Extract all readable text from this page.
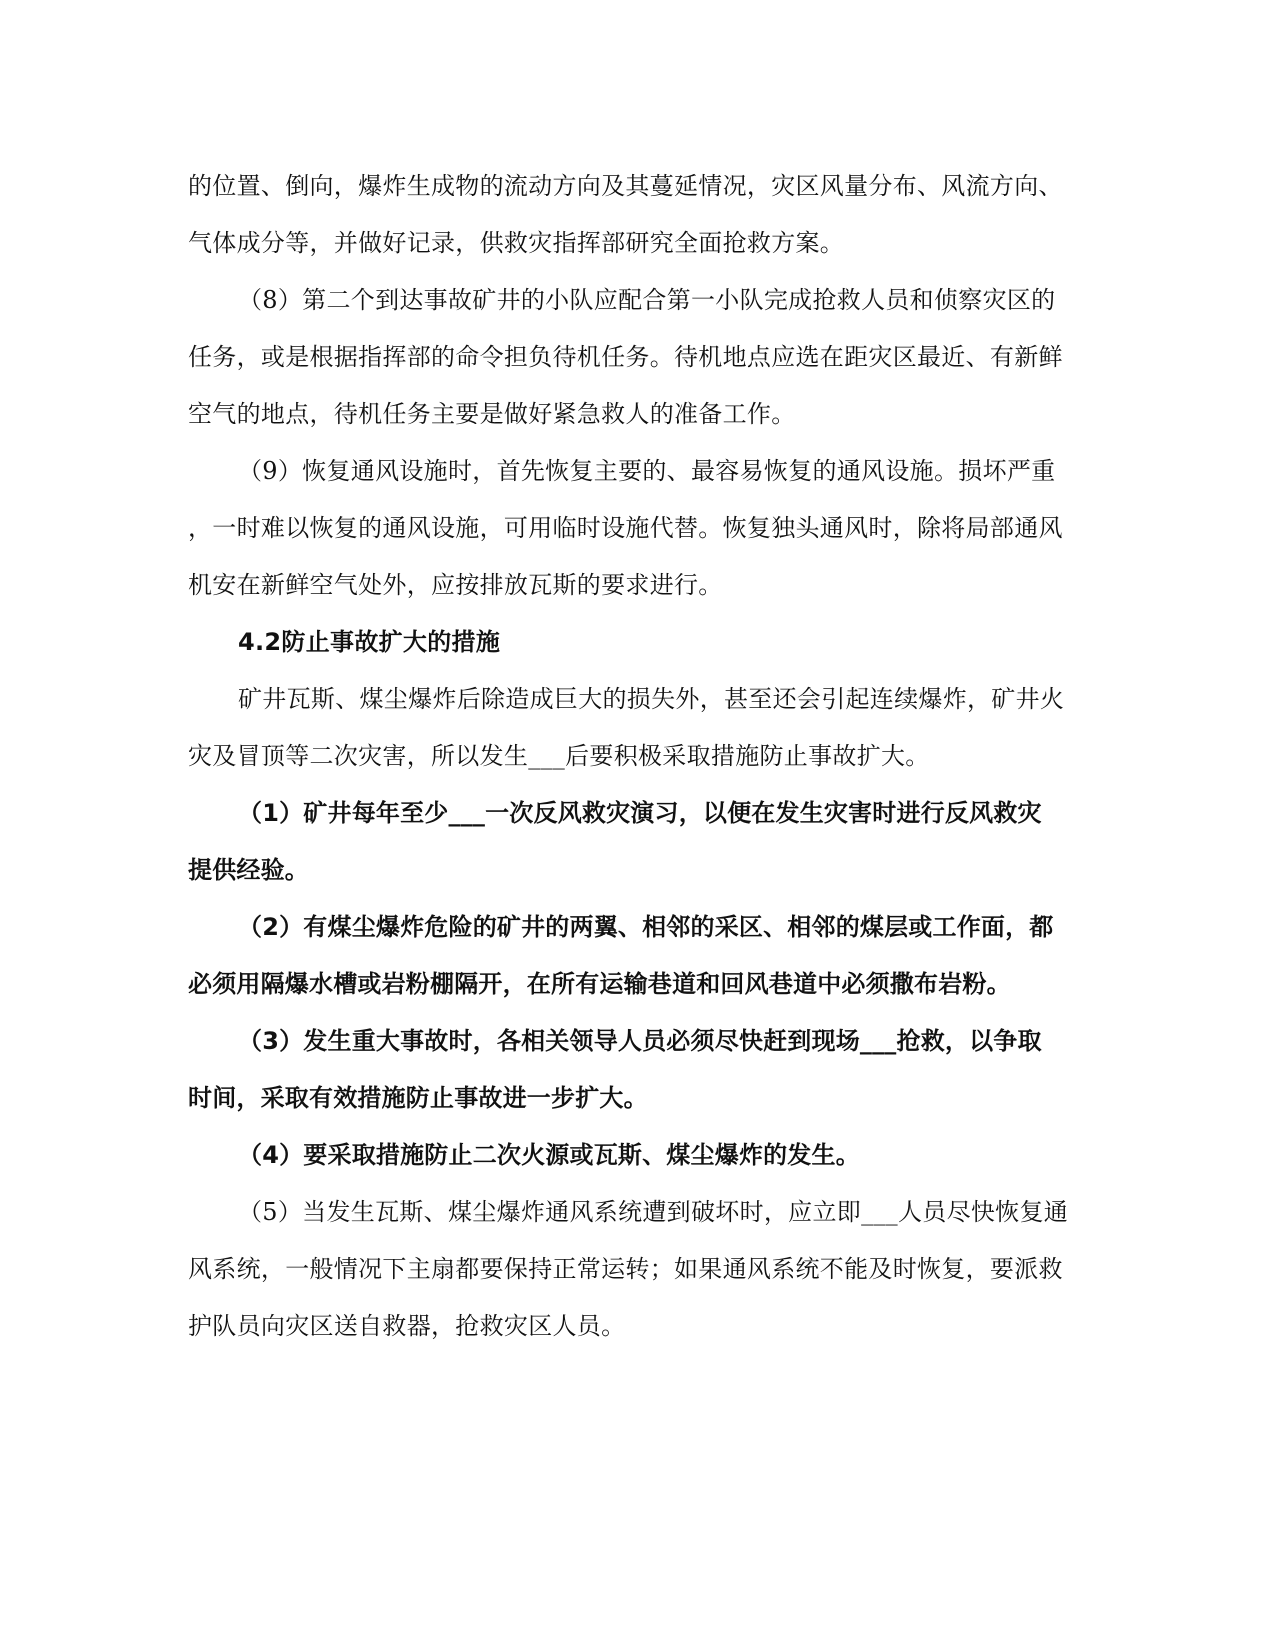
的位置、倒向，爆炸生成物的流动方向及其蔓延情况，灾区风量分布、风流方向、
气体成分等，并做好记录，供救灾指挥部研究全面抢救方案。
（8）第二个到达事故矿井的小队应配合第一小队完成抢救人员和侦察灾区的
任务，或是根据指挥部的命令担负待机任务。待机地点应选在距灾区最近、有新鲜
空气的地点，待机任务主要是做好紧急救人的准备工作。
（9）恢复通风设施时，首先恢复主要的、最容易恢复的通风设施。损坏严重
，一时难以恢复的通风设施，可用临时设施代替。恢复独头通风时，除将局部通风
机安在新鲜空气处外，应按排放瓦斯的要求进行。
4.2防止事故扩大的措施
矿井瓦斯、煤尘爆炸后除造成巨大的损失外，甚至还会引起连续爆炸，矿井火
灾及冒顶等二次灾害，所以发生___后要积极采取措施防止事故扩大。
（1）矿井每年至少___一次反风救灾演习，以便在发生灾害时进行反风救灾
提供经验。
（2）有煤尘爆炸危险的矿井的两翼、相邻的采区、相邻的煤层或工作面，都
必须用隔爆水槽或岩粉棚隔开，在所有运输巷道和回风巷道中必须撒布岩粉。
（3）发生重大事故时，各相关领导人员必须尽快赶到现场___抢救，以争取
时间，采取有效措施防止事故进一步扩大。
（4）要采取措施防止二次火源或瓦斯、煤尘爆炸的发生。
（5）当发生瓦斯、煤尘爆炸通风系统遭到破坏时，应立即___人员尽快恢复通
风系统，一般情况下主扇都要保持正常运转；如果通风系统不能及时恢复，要派救
护队员向灾区送自救器，抢救灾区人员。
